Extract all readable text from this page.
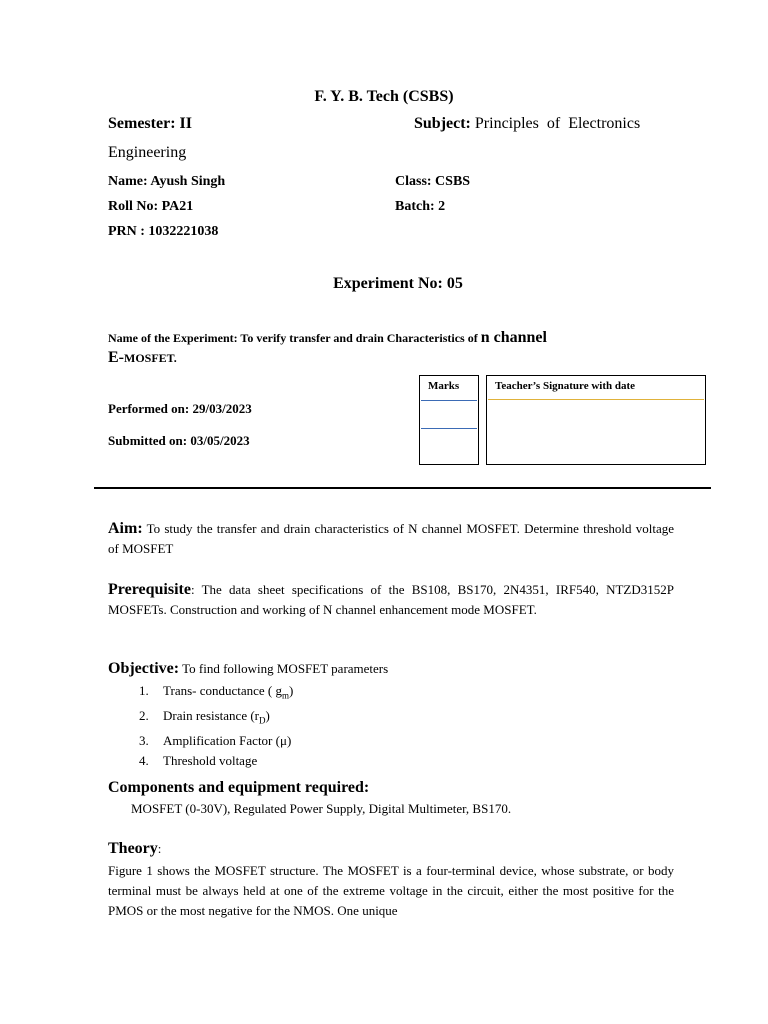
F. Y. B. Tech (CSBS)
Semester: II	Subject: Principles of Electronics
Engineering
Name: Ayush Singh	Class: CSBS
Roll No: PA21	Batch: 2
PRN : 1032221038
Experiment No: 05
Name of the Experiment: To verify transfer and drain Characteristics of n channel
E-MOSFET.
Performed on: 29/03/2023
Submitted on: 03/05/2023
Marks	Teacher’s Signature with date
Aim: To study the transfer and drain characteristics of N channel MOSFET. Determine threshold voltage of MOSFET
Prerequisite: The data sheet specifications of the BS108, BS170, 2N4351, IRF540, NTZD3152P MOSFETs. Construction and working of N channel enhancement mode MOSFET.
Objective: To find following MOSFET parameters
1. Trans- conductance ( $g_m$)
2. Drain resistance $(r_D)$
3. Amplification Factor (μ)
4. Threshold voltage
Components and equipment required:
MOSFET (0-30V), Regulated Power Supply, Digital Multimeter, BS170.
Theory:
Figure 1 shows the MOSFET structure. The MOSFET is a four-terminal device, whose substrate, or body terminal must be always held at one of the extreme voltage in the circuit, either the most positive for the PMOS or the most negative for the NMOS. One unique
